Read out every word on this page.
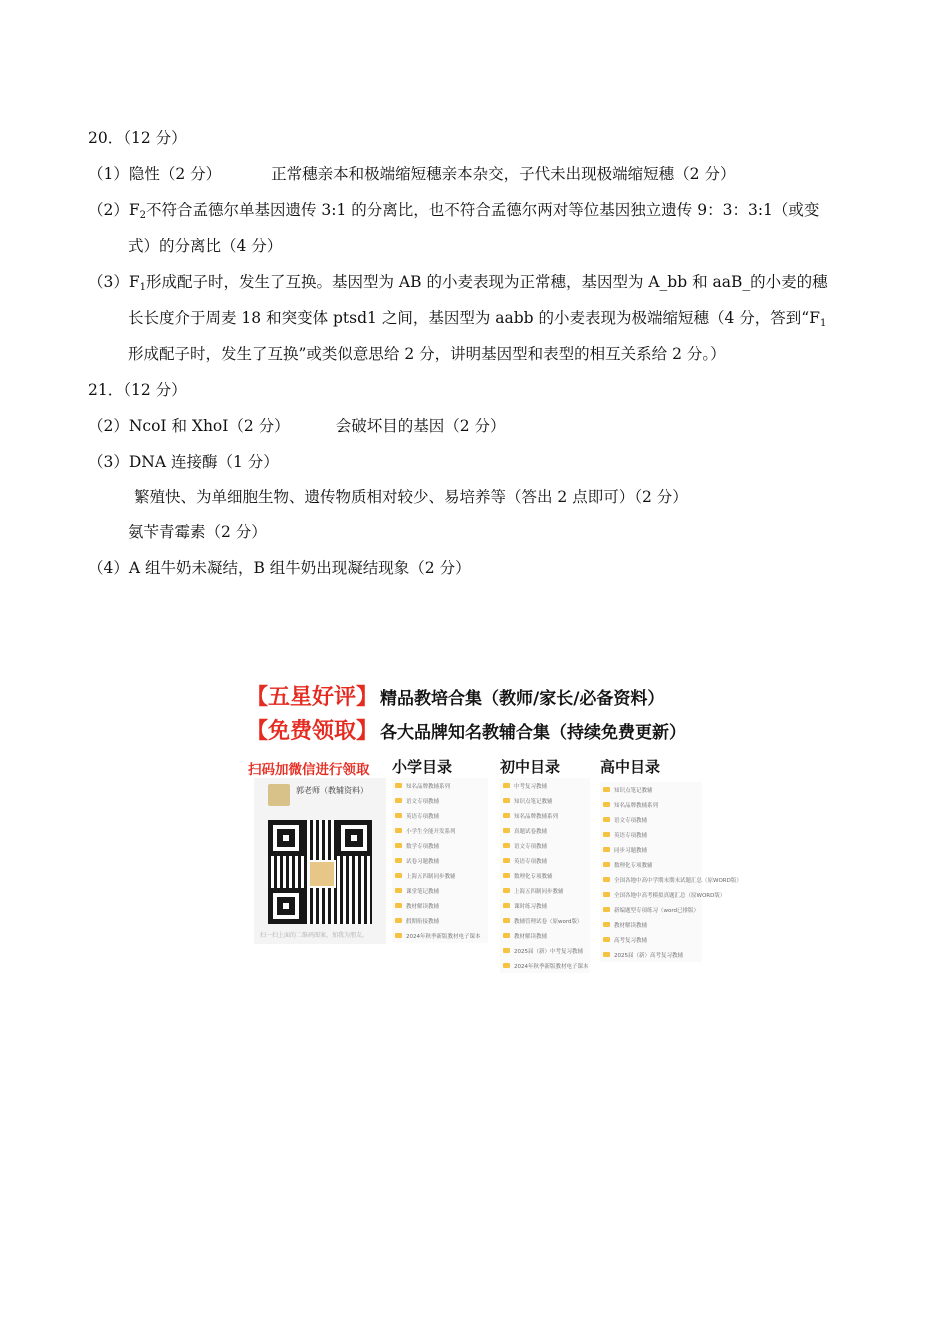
20．（12 分）
（1）隐性（2 分）	正常穗亲本和极端缩短穗亲本杂交，子代未出现极端缩短穗（2 分）
$(2)F_2$不符合孟德尔单基因遗传 3:1 的分离比，也不符合孟德尔两对等位基因独立遗传 9：3：3:1（或变
式）的分离比（4 分）
$(3)F_1$形成配子时，发生了互换。基因型为 AB 的小麦表现为正常穗，基因型为 A_bb 和 aaB_的小麦的穗
长长度介于周麦 18 和突变体 ptsd1 之间，基因型为 aabb 的小麦表现为极端缩短穗（4 分，答到“$F_1$
形成配子时，发生了互换”或类似意思给 2 分，讲明基因型和表型的相互关系给 2 分。）
21．（12 分）
（2）NcoI 和 XhoI（2 分）	会破坏目的基因（2 分）
（3）DNA 连接酶（1 分）
繁殖快、为单细胞生物、遗传物质相对较少、易培养等（答出 2 点即可）（2 分）
氨苄青霉素（2 分）
（4）A 组牛奶未凝结，B 组牛奶出现凝结现象（2 分）
【五星好评】 精品教培合集（教师/家长/必备资料）
【免费领取】 各大品牌知名教辅合集（持续免费更新）
扫码加微信进行领取
郭老师（教辅资料）
扫一扫上面的二维码图案，加我为朋友。
小学目录	初中目录	高中目录
知名品牌教辅系列
语文专项教辅
英语专项教辅
小学生全能开发系列
数学专项教辅
试卷习题教辅
上海五四制同步教辅
课堂笔记教辅
教材解读教辅
假期衔接教辅
2024年秋季新版教材电子课本
中考复习教辅
知识点笔记教辅
知名品牌教辅系列
真题试卷教辅
语文专项教辅
英语专项教辅
数理化专项教辅
上海五四制同步教辅
课时练习教辅
教辅管理试卷（原word版）
教材解读教辅
2025届（新）中考复习教辅
2024年秋季新版教材电子课本
知识点笔记教辅
知名品牌教辅系列
语文专项教辅
英语专项教辅
同步习题教辅
数理化专项教辅
全国各地中高中学期末期末试题汇总（原WORD版）
全国各地中高考模拟真题汇总（原WORD版）
新编题型专项练习（word已排版）
教材解读教辅
高考复习教辅
2025届（新）高考复习教辅
